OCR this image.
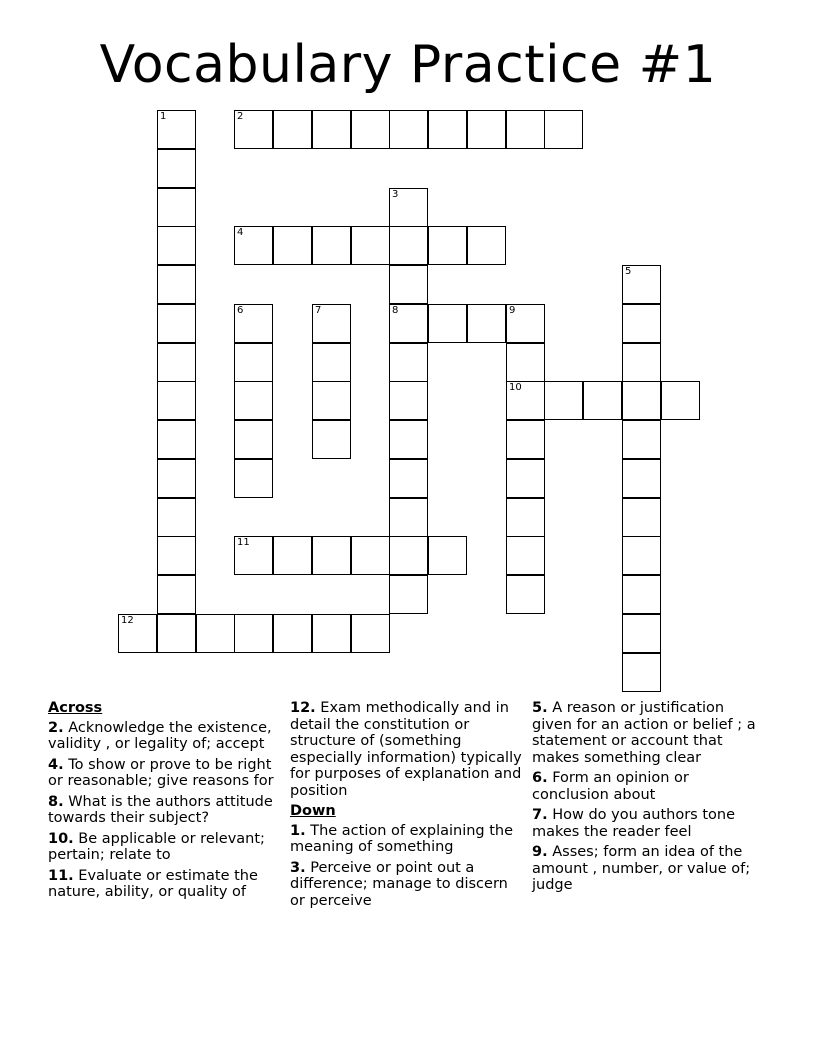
Vocabulary Practice #1
1	2
3
8
4
5
6	7	9
10
11
12
Across
2. Acknowledge the existence, validity , or legality of; accept
4. To show or prove to be right or reasonable; give reasons for
8. What is the authors attitude towards their subject?
10. Be applicable or relevant; pertain; relate to
11. Evaluate or estimate the nature, ability, or quality of
12. Exam methodically and in detail the constitution or structure of (something especially information) typically for purposes of explanation and position
Down
1. The action of explaining the meaning of something
3. Perceive or point out a difference; manage to discern or perceive
5. A reason or justification given for an action or belief ; a statement or account that makes something clear
6. Form an opinion or conclusion about
7. How do you authors tone makes the reader feel
9. Asses; form an idea of the amount , number, or value of; judge
